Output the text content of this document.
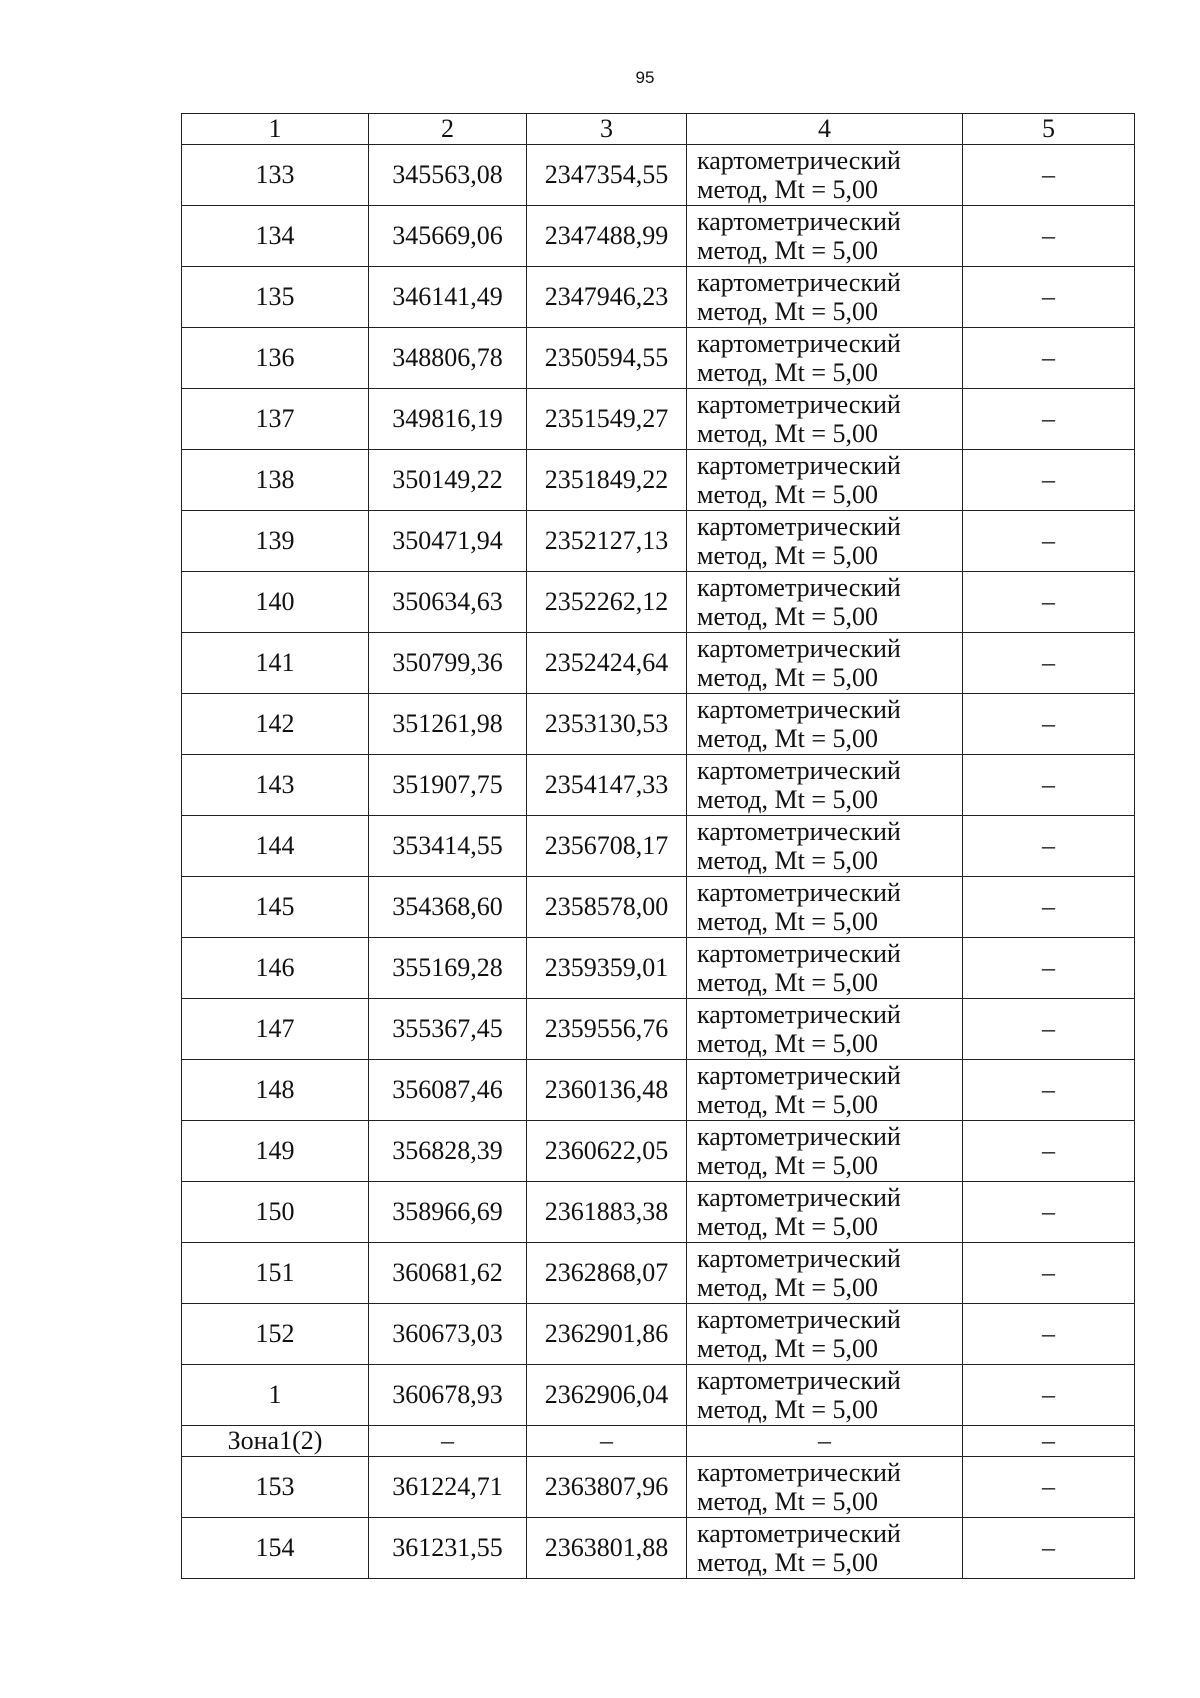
95
1	2	3	4	5
133	345563,08	2347354,55	картометрический
метод, Mt = 5,00	–
134	345669,06	2347488,99	картометрический
метод, Mt = 5,00	–
135	346141,49	2347946,23	картометрический
метод, Mt = 5,00	–
136	348806,78	2350594,55	картометрический
метод, Mt = 5,00	–
137	349816,19	2351549,27	картометрический
метод, Mt = 5,00	–
138	350149,22	2351849,22	картометрический
метод, Mt = 5,00	–
139	350471,94	2352127,13	картометрический
метод, Mt = 5,00	–
140	350634,63	2352262,12	картометрический
метод, Mt = 5,00	–
141	350799,36	2352424,64	картометрический
метод, Mt = 5,00	–
142	351261,98	2353130,53	картометрический
метод, Mt = 5,00	–
143	351907,75	2354147,33	картометрический
метод, Mt = 5,00	–
144	353414,55	2356708,17	картометрический
метод, Mt = 5,00	–
145	354368,60	2358578,00	картометрический
метод, Mt = 5,00	–
146	355169,28	2359359,01	картометрический
метод, Mt = 5,00	–
147	355367,45	2359556,76	картометрический
метод, Mt = 5,00	–
148	356087,46	2360136,48	картометрический
метод, Mt = 5,00	–
149	356828,39	2360622,05	картометрический
метод, Mt = 5,00	–
150	358966,69	2361883,38	картометрический
метод, Mt = 5,00	–
151	360681,62	2362868,07	картометрический
метод, Mt = 5,00	–
152	360673,03	2362901,86	картометрический
метод, Mt = 5,00	–
1	360678,93	2362906,04	картометрический
метод, Mt = 5,00	–
Зона1(2)	–	–	–	–
153	361224,71	2363807,96	картометрический
метод, Mt = 5,00	–
154	361231,55	2363801,88	картометрический
метод, Mt = 5,00	–
